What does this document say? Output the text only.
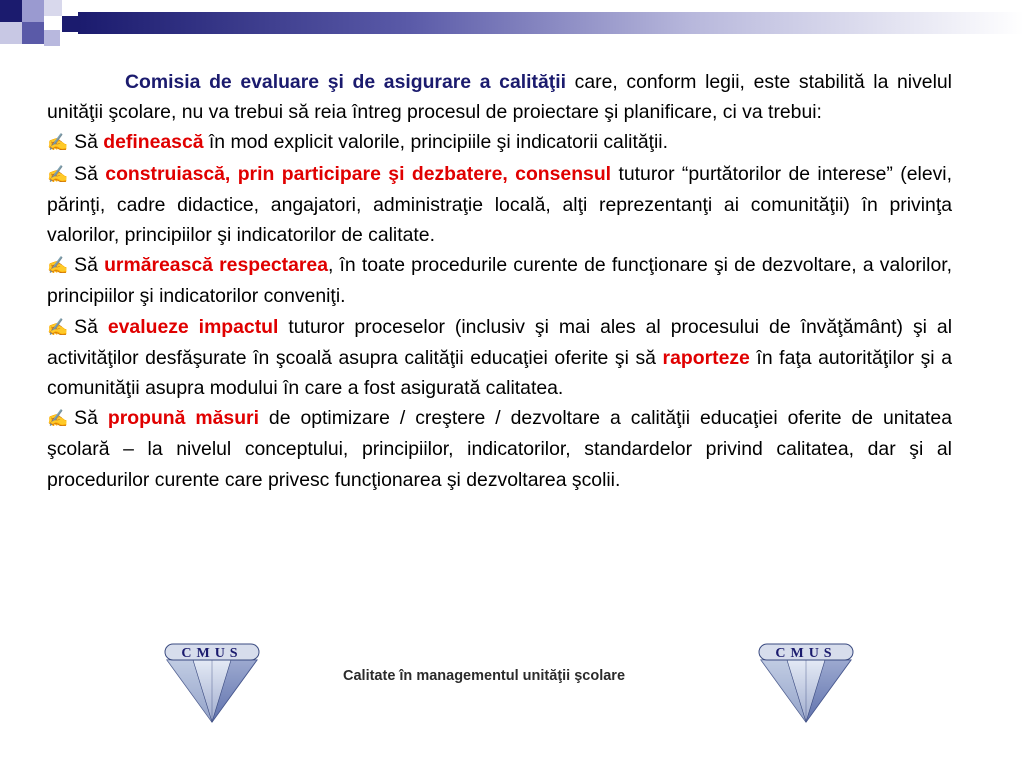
Comisia de evaluare şi de asigurare a calităţii care, conform legii, este stabilită la nivelul unităţii şcolare, nu va trebui să reia întreg procesul de proiectare şi planificare, ci va trebui:

✍ Să definească în mod explicit valorile, principiile şi indicatorii calităţii.

✍ Să construiască, prin participare şi dezbatere, consensul tuturor “purtătorilor de interese” (elevi, părinţi, cadre didactice, angajatori, administraţie locală, alţi reprezentanţi ai comunităţii) în privinţa valorilor, principiilor şi indicatorilor de calitate.

✍ Să urmărească respectarea, în toate procedurile curente de funcţionare şi de dezvoltare, a valorilor, principiilor şi indicatorilor conveniţi.

✍ Să evalueze impactul tuturor proceselor (inclusiv şi mai ales al procesului de învăţământ) şi al activităţilor desfăşurate în şcoală asupra calităţii educaţiei oferite şi să raporteze în faţa autorităţilor şi a comunităţii asupra modului în care a fost asigurată calitatea.

✍ Să propună măsuri de optimizare / creştere / dezvoltare a calităţii educaţiei oferite de unitatea şcolară – la nivelul conceptului, principiilor, indicatorilor, standardelor privind calitatea, dar şi al procedurilor curente care privesc funcţionarea şi dezvoltarea şcolii.

CMUS
Calitate în managementul unităţii şcolare
CMUS
